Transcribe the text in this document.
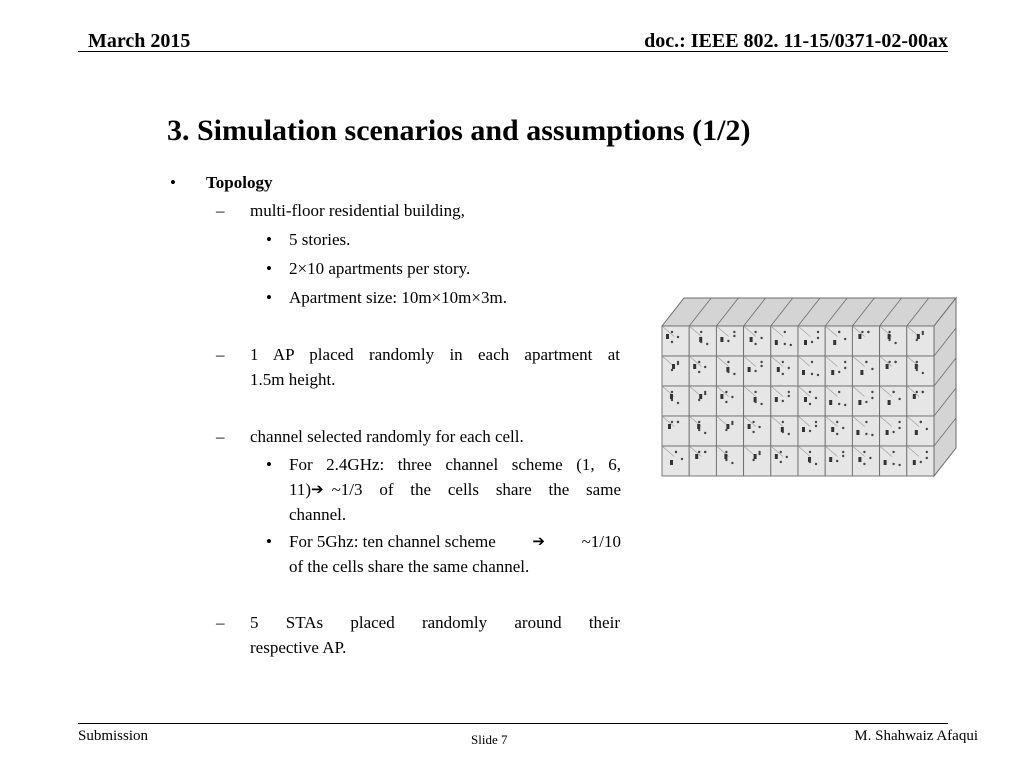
March 2015	doc.: IEEE 802. 11-15/0371-02-00ax
3. Simulation scenarios and assumptions (1/2)
• Topology
– multi-floor residential building,
• 5 stories.
• 2×10 apartments per story.
• Apartment size: 10m×10m×3m.
– 1 AP placed randomly in each apartment at
1.5m height.
– channel selected randomly for each cell.
• For 2.4GHz: three channel scheme (1, 6,
11) ➔ ~1/3 of the cells share the same
channel.
• For 5Ghz: ten channel scheme ➔ ~1/10
of the cells share the same channel.
– 5 STAs placed randomly around their
respective AP.
Submission	Slide 7	M. Shahwaiz Afaqui
